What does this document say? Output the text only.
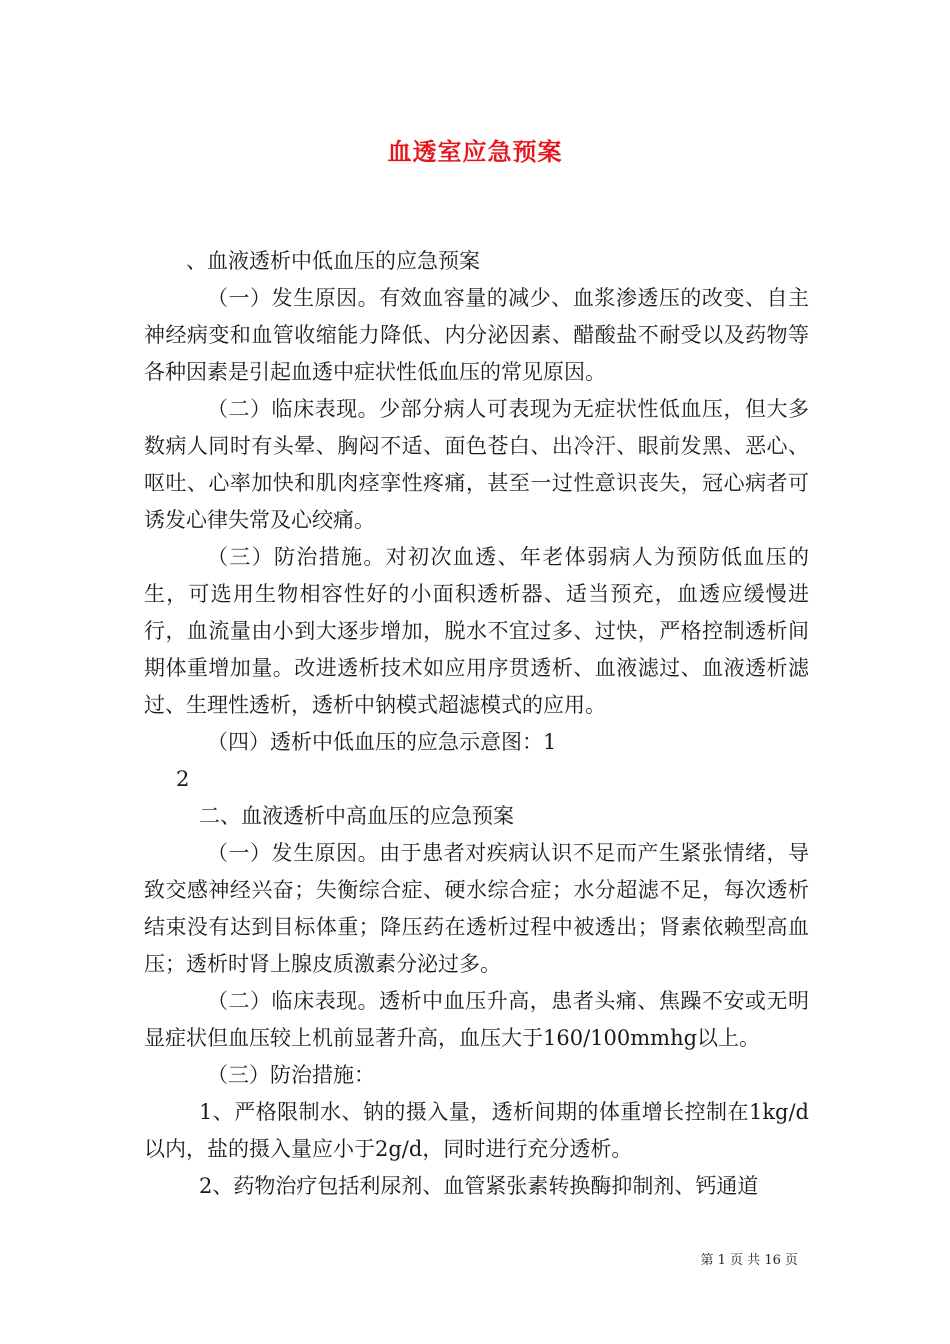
血透室应急预案

、血液透析中低血压的应急预案

（一）发生原因。有效血容量的减少、血浆渗透压的改变、自主神经病变和血管收缩能力降低、内分泌因素、醋酸盐不耐受以及药物等各种因素是引起血透中症状性低血压的常见原因。

（二）临床表现。少部分病人可表现为无症状性低血压，但大多数病人同时有头晕、胸闷不适、面色苍白、出冷汗、眼前发黑、恶心、呕吐、心率加快和肌肉痉挛性疼痛，甚至一过性意识丧失，冠心病者可诱发心律失常及心绞痛。

（三）防治措施。对初次血透、年老体弱病人为预防低血压的生，可选用生物相容性好的小面积透析器、适当预充，血透应缓慢进行，血流量由小到大逐步增加，脱水不宜过多、过快，严格控制透析间期体重增加量。改进透析技术如应用序贯透析、血液滤过、血液透析滤过、生理性透析，透析中钠模式超滤模式的应用。

（四）透析中低血压的应急示意图：1

2

二、血液透析中高血压的应急预案

（一）发生原因。由于患者对疾病认识不足而产生紧张情绪，导致交感神经兴奋；失衡综合症、硬水综合症；水分超滤不足，每次透析结束没有达到目标体重；降压药在透析过程中被透出；肾素依赖型高血压；透析时肾上腺皮质激素分泌过多。

（二）临床表现。透析中血压升高，患者头痛、焦躁不安或无明显症状但血压较上机前显著升高，血压大于160/100mmhg以上。

（三）防治措施：

1、严格限制水、钠的摄入量，透析间期的体重增长控制在1kg/d以内，盐的摄入量应小于2g/d，同时进行充分透析。

2、药物治疗包括利尿剂、血管紧张素转换酶抑制剂、钙通道

第 1 页 共 16 页
